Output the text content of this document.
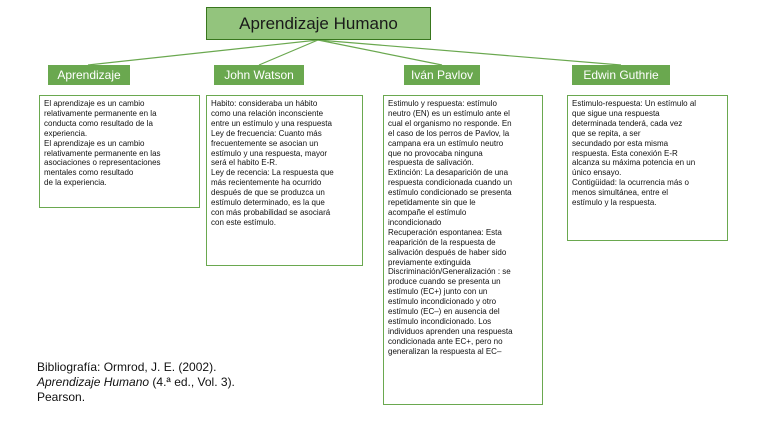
Aprendizaje Humano
Aprendizaje	John Watson	Iván Pavlov	Edwin Guthrie

El aprendizaje es un cambio
relativamente permanente en la
conducta como resultado de la
experiencia.
El aprendizaje es un cambio
relativamente permanente en las
asociaciones o representaciones
mentales como resultado
de la experiencia.

Habito: consideraba un hábito
como una relación inconsciente
entre un estímulo y una respuesta
Ley de frecuencia: Cuanto más
frecuentemente se asocian un
estímulo y una respuesta, mayor
será el habito E-R.
Ley de recencia: La respuesta que
más recientemente ha ocurrido
después de que se produzca un
estímulo determinado, es la que
con más probabilidad se asociará
con este estímulo.

Estimulo y respuesta: estímulo
neutro (EN) es un estímulo ante el
cual el organismo no responde. En
el caso de los perros de Pavlov, la
campana era un estímulo neutro
que no provocaba ninguna
respuesta de salivación.
Extinción: La desaparición de una
respuesta condicionada cuando un
estímulo condicionado se presenta
repetidamente sin que le
acompañe el estímulo
incondicionado
Recuperación espontanea: Esta
reaparición de la respuesta de
salivación después de haber sido
previamente extinguida
Discriminación/Generalización : se
produce cuando se presenta un
estímulo (EC+) junto con un
estímulo incondicionado y otro
estímulo (EC–) en ausencia del
estímulo incondicionado. Los
individuos aprenden una respuesta
condicionada ante EC+, pero no
generalizan la respuesta al EC–

Estimulo-respuesta: Un estímulo al
que sigue una respuesta
determinada tenderá, cada vez
que se repita, a ser
secundado por esta misma
respuesta. Esta conexión E-R
alcanza su máxima potencia en un
único ensayo.
Contigüidad: la ocurrencia más o
menos simultánea, entre el
estímulo y la respuesta.

Bibliografía: Ormrod, J. E. (2002).

Aprendizaje Humano (4.ª ed., Vol. 3).

Pearson.
